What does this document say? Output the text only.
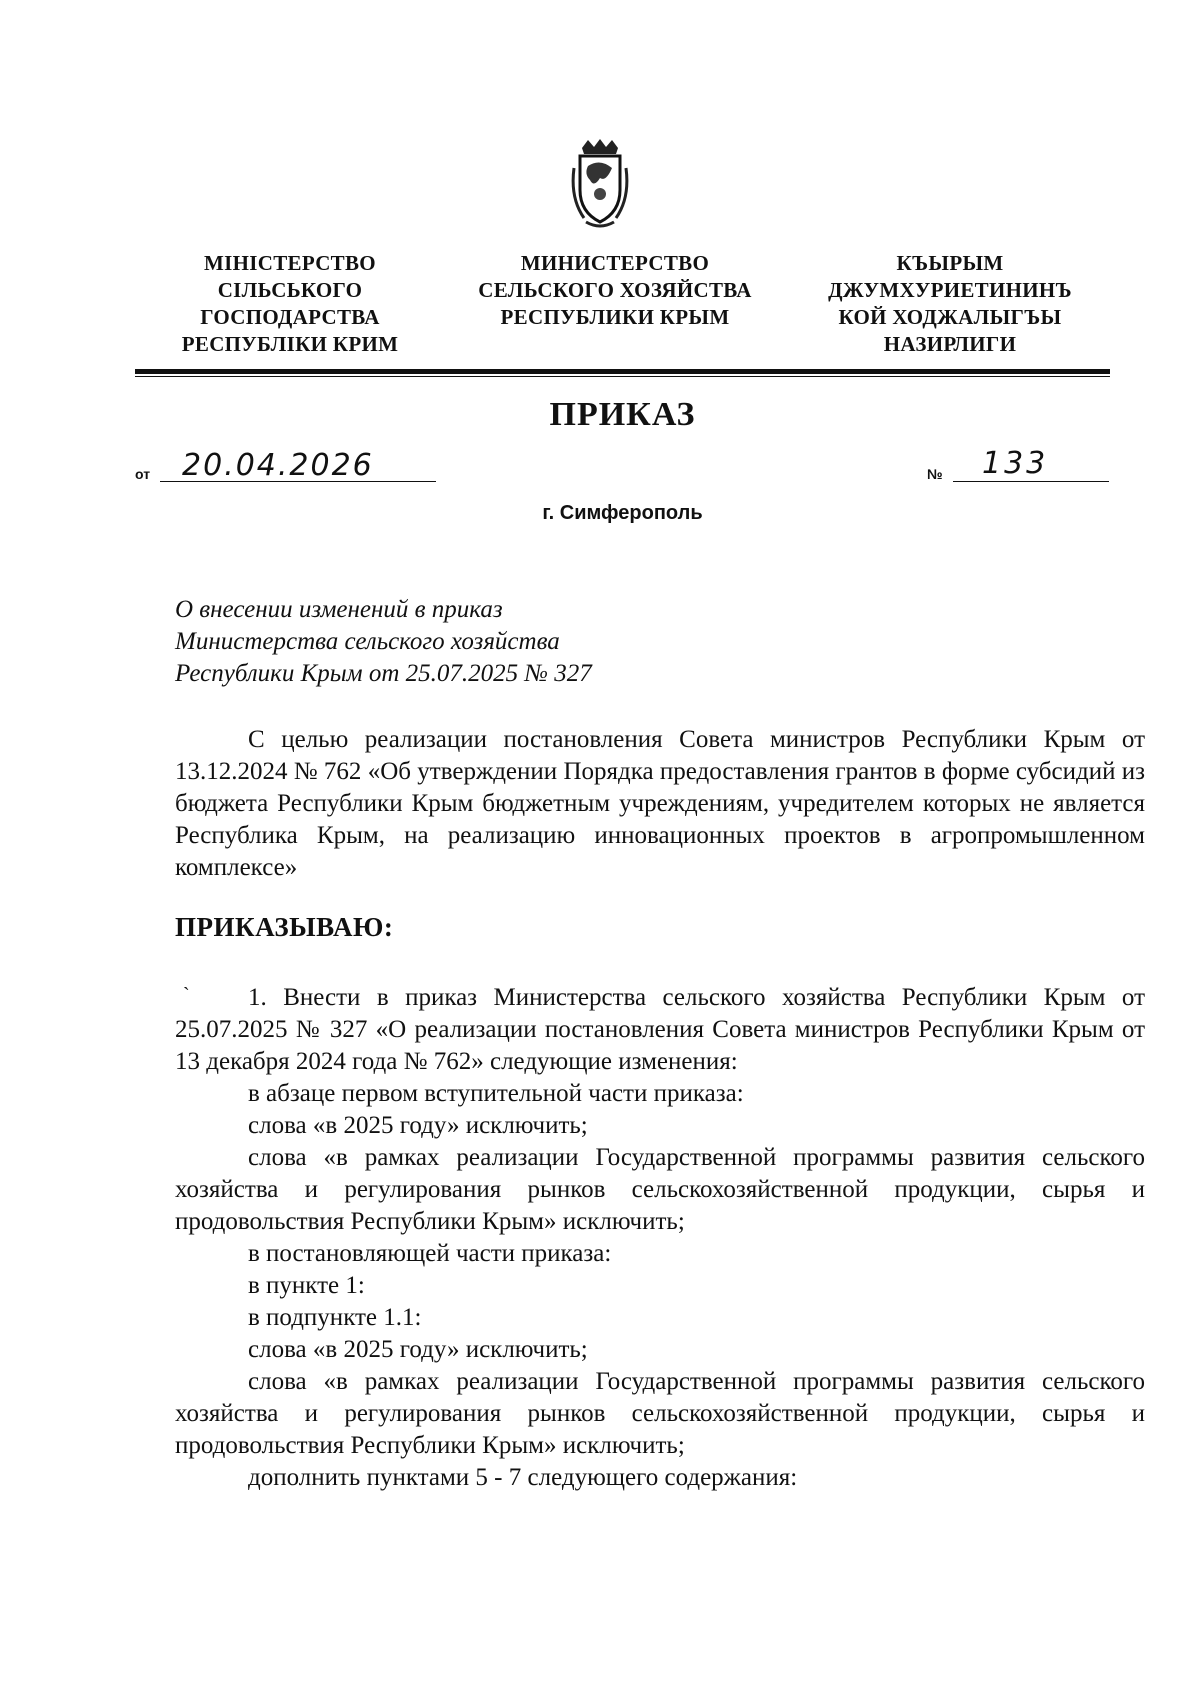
МІНІСТЕРСТВО
СІЛЬСЬКОГО
ГОСПОДАРСТВА
РЕСПУБЛІКИ КРИМ
МИНИСТЕРСТВО
СЕЛЬСКОГО ХОЗЯЙСТВА
РЕСПУБЛИКИ КРЫМ
КЪЫРЫМ
ДЖУМХУРИЕТИНИНЪ
КОЙ ХОДЖАЛЫГЪЫ
НАЗИРЛИГИ
ПРИКАЗ
от 20.04.2026	№ 133
г. Симферополь
О внесении изменений в приказ
Министерства сельского хозяйства
Республики Крым от 25.07.2025 № 327

С целью реализации постановления Совета министров Республики Крым от 13.12.2024 № 762 «Об утверждении Порядка предоставления грантов в форме субсидий из бюджета Республики Крым бюджетным учреждениям, учредителем которых не является Республика Крым, на реализацию инновационных проектов в агропромышленном комплексе»

ПРИКАЗЫВАЮ:
`	1. Внести в приказ Министерства сельского хозяйства Республики Крым от 25.07.2025 № 327 «О реализации постановления Совета министров Республики Крым от 13 декабря 2024 года № 762» следующие изменения:

в абзаце первом вступительной части приказа:

слова «в 2025 году» исключить;

слова «в рамках реализации Государственной программы развития сельского хозяйства и регулирования рынков сельскохозяйственной продукции, сырья и продовольствия Республики Крым» исключить;

в постановляющей части приказа:

в пункте 1:

в подпункте 1.1:

слова «в 2025 году» исключить;

слова «в рамках реализации Государственной программы развития сельского хозяйства и регулирования рынков сельскохозяйственной продукции, сырья и продовольствия Республики Крым» исключить;

дополнить пунктами 5 - 7 следующего содержания:
